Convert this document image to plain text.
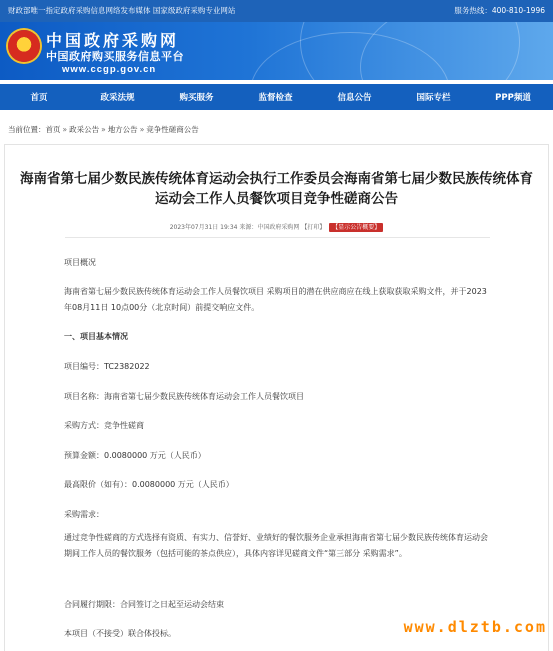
财政部唯一指定政府采购信息网络发布媒体 国家级政府采购专业网站	服务热线：400-810-1996
★ 中国政府采购网
中国政府购买服务信息平台
www.ccgp.gov.cn
首页	政采法规	购买服务	监督检查	信息公告	国际专栏	PPP频道
当前位置：首页 » 政采公告 » 地方公告 » 竞争性磋商公告
海南省第七届少数民族传统体育运动会执行工作委员会海南省第七届少数民族传统体育运动会工作人员餐饮项目竞争性磋商公告
2023年07月31日 19:34 来源：中国政府采购网 【打印】 【显示公告概要】
项目概况
海南省第七届少数民族传统体育运动会工作人员餐饮项目 采购项目的潜在供应商应在线上获取获取采购文件，并于2023年08月11日 10点00分（北京时间）前提交响应文件。
一、项目基本情况
项目编号：TC2382022
项目名称：海南省第七届少数民族传统体育运动会工作人员餐饮项目
采购方式：竞争性磋商
预算金额：0.0080000 万元（人民币）
最高限价（如有）：0.0080000 万元（人民币）
采购需求：
通过竞争性磋商的方式选择有资质、有实力、信誉好、业绩好的餐饮服务企业承担海南省第七届少数民族传统体育运动会期间工作人员的餐饮服务（包括可能的茶点供应），具体内容详见磋商文件“第三部分 采购需求”。
合同履行期限：合同签订之日起至运动会结束
本项目（不接受）联合体投标。	www.dlztb.com
